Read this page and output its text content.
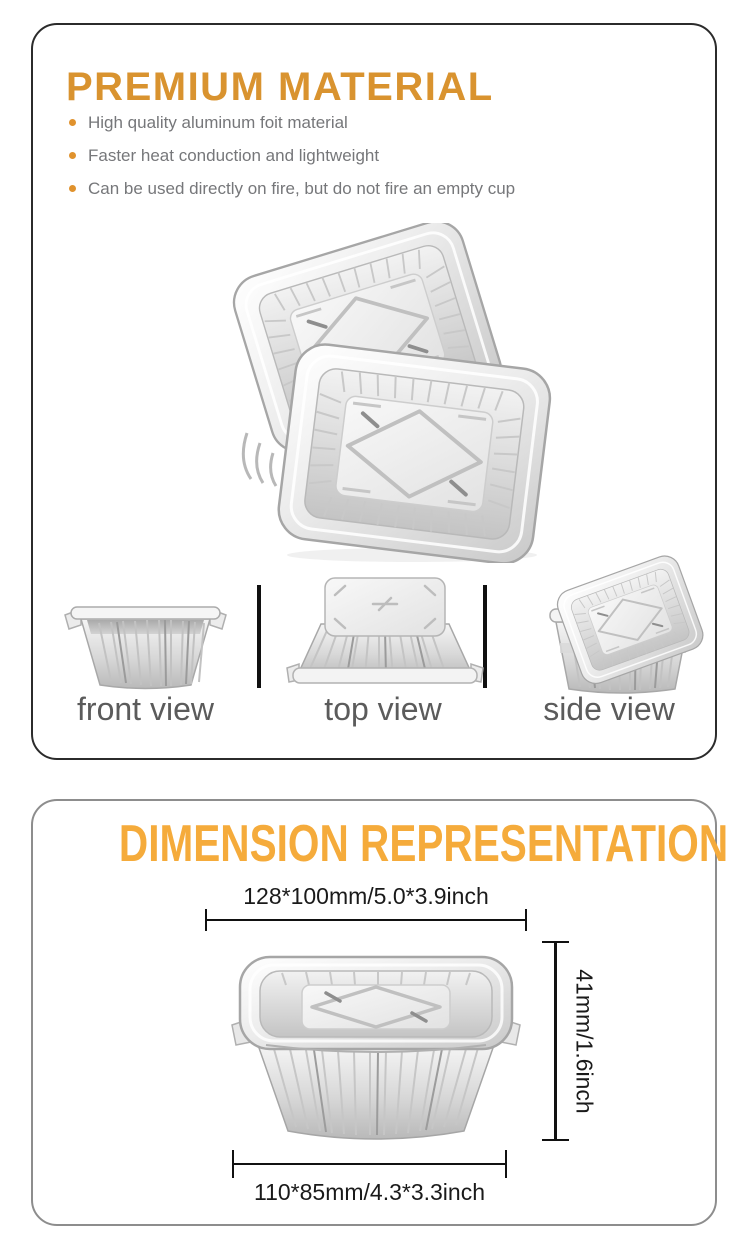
PREMIUM MATERIAL
High quality aluminum foit material
Faster heat conduction and lightweight
Can be used directly on fire, but do not fire an empty cup
front view	top view	side view
DIMENSION REPRESENTATION
128*100mm/5.0*3.9inch
41mm/1.6inch
110*85mm/4.3*3.3inch
